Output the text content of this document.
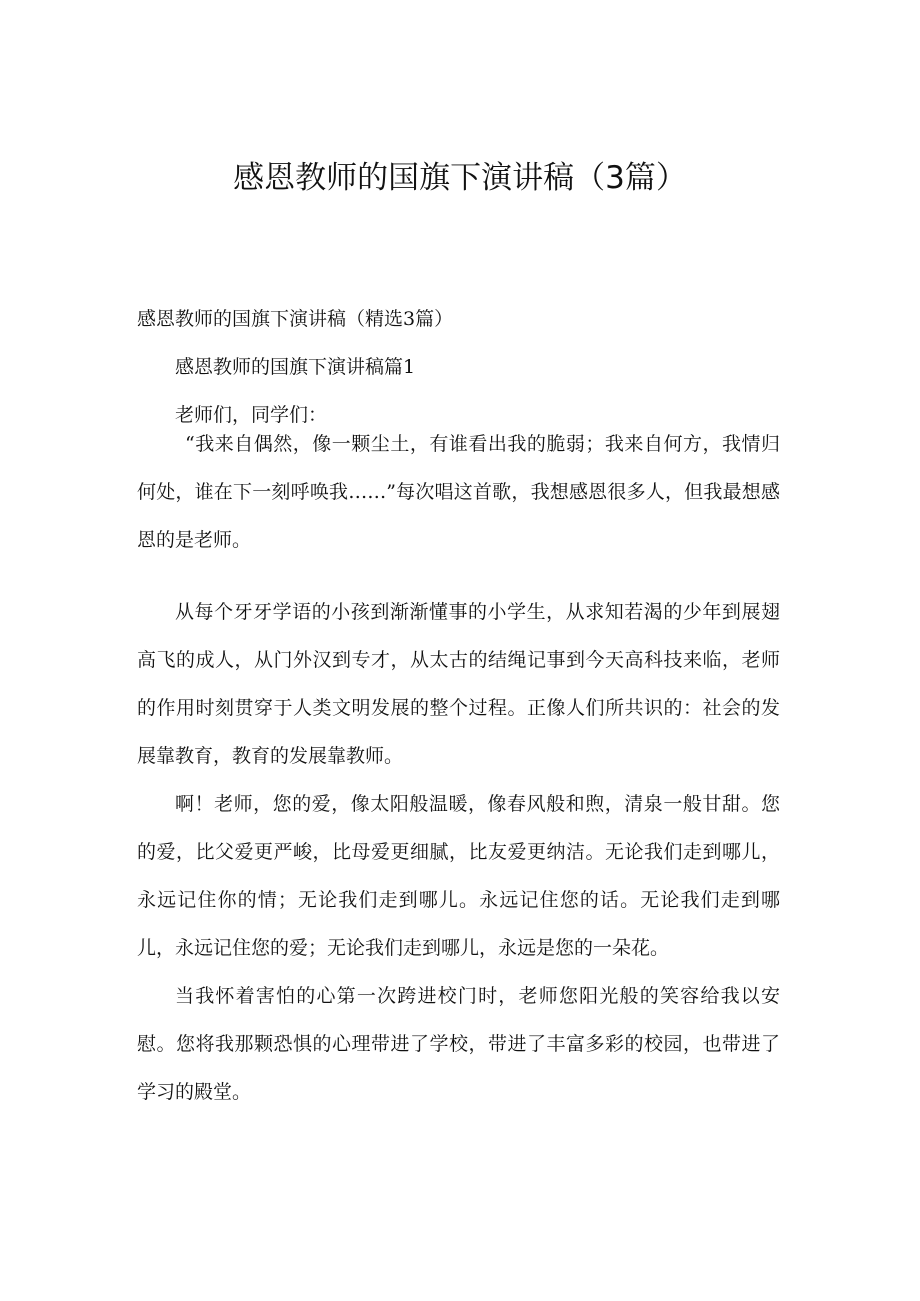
感恩教师的国旗下演讲稿（3篇）

感恩教师的国旗下演讲稿（精选3篇）

感恩教师的国旗下演讲稿篇1

老师们，同学们：

“我来自偶然，像一颗尘土，有谁看出我的脆弱；我来自何方，我情归何处，谁在下一刻呼唤我……”每次唱这首歌，我想感恩很多人，但我最想感恩的是老师。

从每个牙牙学语的小孩到渐渐懂事的小学生，从求知若渴的少年到展翅高飞的成人，从门外汉到专才，从太古的结绳记事到今天高科技来临，老师的作用时刻贯穿于人类文明发展的整个过程。正像人们所共识的：社会的发展靠教育，教育的发展靠教师。

啊！老师，您的爱，像太阳般温暖，像春风般和煦，清泉一般甘甜。您的爱，比父爱更严峻，比母爱更细腻，比友爱更纳洁。无论我们走到哪儿，永远记住你的情；无论我们走到哪儿。永远记住您的话。无论我们走到哪儿，永远记住您的爱；无论我们走到哪儿，永远是您的一朵花。

当我怀着害怕的心第一次跨进校门时，老师您阳光般的笑容给我以安慰。您将我那颗恐惧的心理带进了学校，带进了丰富多彩的校园，也带进了学习的殿堂。
